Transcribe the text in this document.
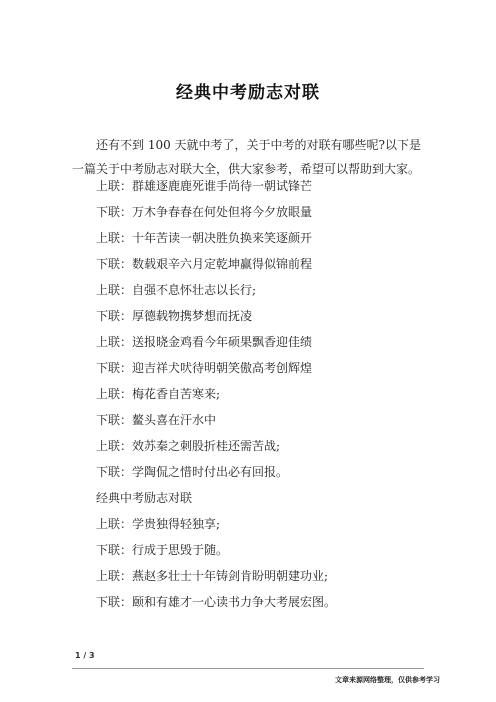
经典中考励志对联

还有不到 100 天就中考了，关于中考的对联有哪些呢?以下是一篇关于中考励志对联大全，供大家参考，希望可以帮助到大家。

上联：群雄逐鹿鹿死谁手尚待一朝试锋芒
下联：万木争春春在何处但将今夕放眼量
上联：十年苦读一朝决胜负换来笑逐颜开
下联：数载艰辛六月定乾坤赢得似锦前程
上联：自强不息怀壮志以长行;
下联：厚德载物携梦想而抚凌
上联：送报晓金鸡看今年硕果飘香迎佳绩
下联：迎吉祥犬吠待明朝笑傲高考创辉煌
上联：梅花香自苦寒来;
下联：鳌头喜在汗水中
上联：效苏秦之刺股折桂还需苦战;
下联：学陶侃之惜时付出必有回报。
经典中考励志对联
上联：学贵独得轻独享;
下联：行成于思毁于随。
上联：燕赵多壮士十年铸剑肯盼明朝建功业;
下联：颐和有雄才一心读书力争大考展宏图。
1 / 3
文章来源网络整理，仅供参考学习
